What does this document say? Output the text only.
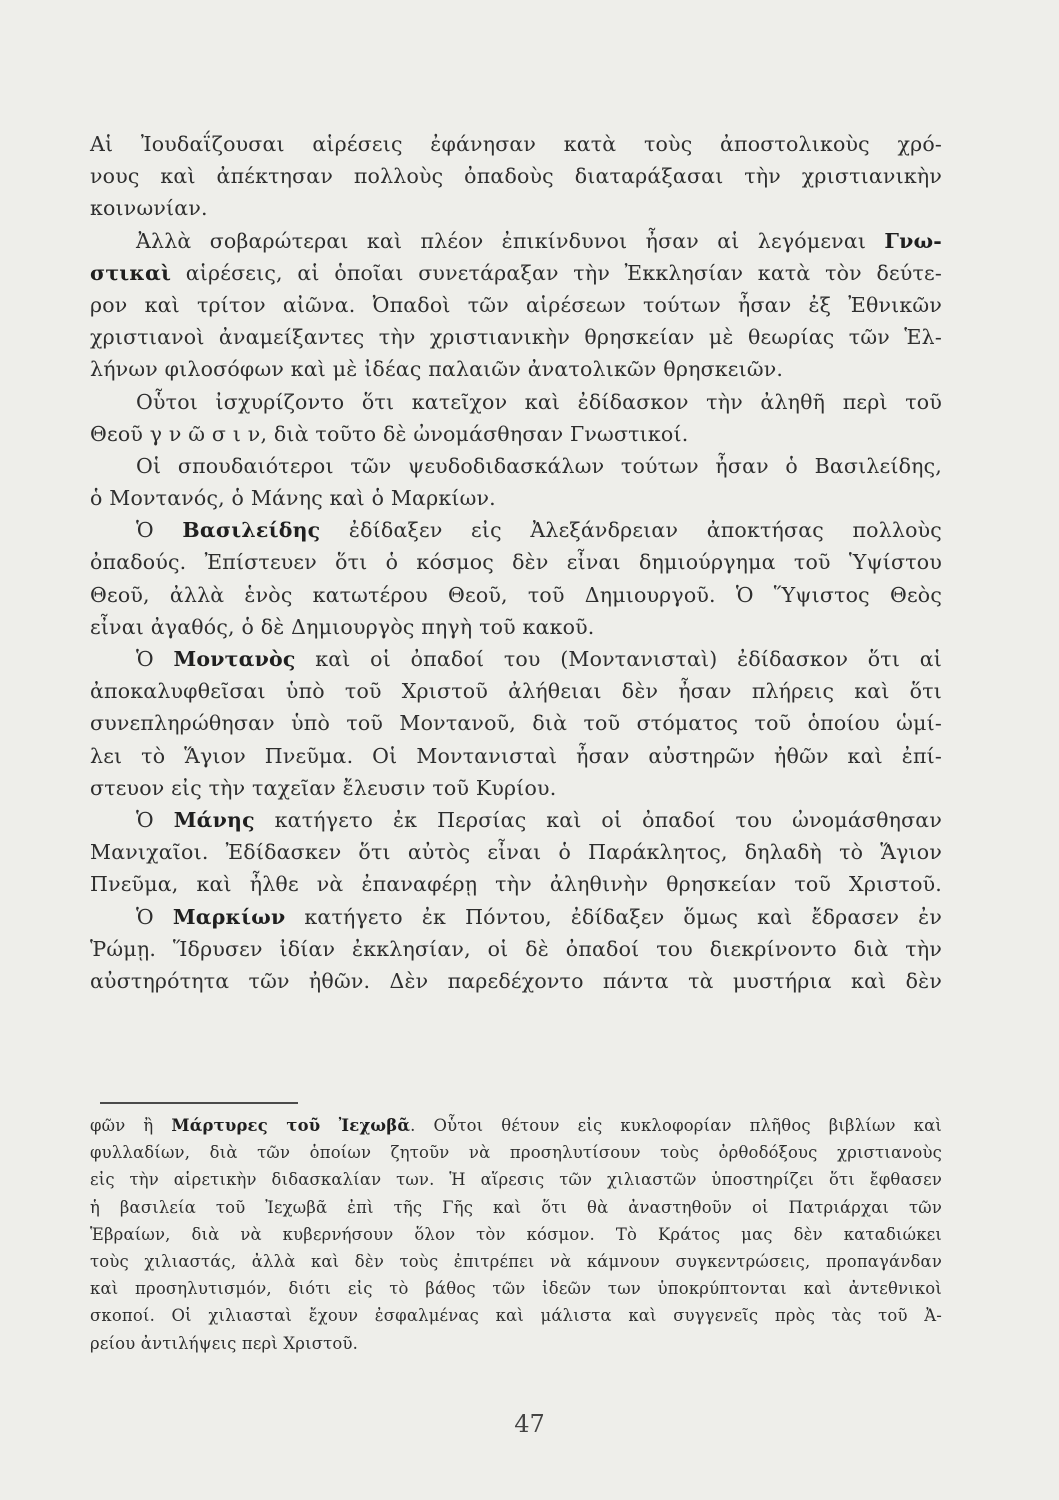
Αἱ Ἰουδαΐζουσαι αἱρέσεις ἐφάνησαν κατὰ τοὺς ἀποστολικοὺς χρό-
νους καὶ ἀπέκτησαν πολλοὺς ὀπαδοὺς διαταράξασαι τὴν χριστιανικὴν
κοινωνίαν.
Ἀλλὰ σοβαρώτεραι καὶ πλέον ἐπικίνδυνοι ἦσαν αἱ λεγόμεναι Γνω-
στικαὶ αἱρέσεις, αἱ ὁποῖαι συνετάραξαν τὴν Ἐκκλησίαν κατὰ τὸν δεύτε-
ρον καὶ τρίτον αἰῶνα. Ὀπαδοὶ τῶν αἱρέσεων τούτων ἦσαν ἐξ Ἐθνικῶν
χριστιανοὶ ἀναμείξαντες τὴν χριστιανικὴν θρησκείαν μὲ θεωρίας τῶν Ἑλ-
λήνων φιλοσόφων καὶ μὲ ἰδέας παλαιῶν ἀνατολικῶν θρησκειῶν.
Οὗτοι ἰσχυρίζοντο ὅτι κατεῖχον καὶ ἐδίδασκον τὴν ἀληθῆ περὶ τοῦ
Θεοῦ γ ν ῶ σ ι ν, διὰ τοῦτο δὲ ὠνομάσθησαν Γνωστικοί.
Οἱ σπουδαιότεροι τῶν ψευδοδιδασκάλων τούτων ἦσαν ὁ Βασιλείδης,
ὁ Μοντανός, ὁ Μάνης καὶ ὁ Μαρκίων.
Ὁ Βασιλείδης ἐδίδαξεν εἰς Ἀλεξάνδρειαν ἀποκτήσας πολλοὺς
ὀπαδούς. Ἐπίστευεν ὅτι ὁ κόσμος δὲν εἶναι δημιούργημα τοῦ Ὑψίστου
Θεοῦ, ἀλλὰ ἑνὸς κατωτέρου Θεοῦ, τοῦ Δημιουργοῦ. Ὁ Ὕψιστος Θεὸς
εἶναι ἀγαθός, ὁ δὲ Δημιουργὸς πηγὴ τοῦ κακοῦ.
Ὁ Μοντανὸς καὶ οἱ ὀπαδοί του (Μοντανισταὶ) ἐδίδασκον ὅτι αἱ
ἀποκαλυφθεῖσαι ὑπὸ τοῦ Χριστοῦ ἀλήθειαι δὲν ἦσαν πλήρεις καὶ ὅτι
συνεπληρώθησαν ὑπὸ τοῦ Μοντανοῦ, διὰ τοῦ στόματος τοῦ ὁποίου ὡμί-
λει τὸ Ἅγιον Πνεῦμα. Οἱ Μοντανισταὶ ἦσαν αὐστηρῶν ἠθῶν καὶ ἐπί-
στευον εἰς τὴν ταχεῖαν ἔλευσιν τοῦ Κυρίου.
Ὁ Μάνης κατήγετο ἐκ Περσίας καὶ οἱ ὀπαδοί του ὠνομάσθησαν
Μανιχαῖοι. Ἐδίδασκεν ὅτι αὐτὸς εἶναι ὁ Παράκλητος, δηλαδὴ τὸ Ἅγιον
Πνεῦμα, καὶ ἦλθε νὰ ἐπαναφέρῃ τὴν ἀληθινὴν θρησκείαν τοῦ Χριστοῦ.
Ὁ Μαρκίων κατήγετο ἐκ Πόντου, ἐδίδαξεν ὅμως καὶ ἔδρασεν ἐν
Ῥώμῃ. Ἵδρυσεν ἰδίαν ἐκκλησίαν, οἱ δὲ ὀπαδοί του διεκρίνοντο διὰ τὴν
αὐστηρότητα τῶν ἠθῶν. Δὲν παρεδέχοντο πάντα τὰ μυστήρια καὶ δὲν
φῶν ἢ Μάρτυρες τοῦ Ἰεχωβᾶ. Οὗτοι θέτουν εἰς κυκλοφορίαν πλῆθος βιβλίων καὶ
φυλλαδίων, διὰ τῶν ὁποίων ζητοῦν νὰ προσηλυτίσουν τοὺς ὀρθοδόξους χριστιανοὺς
εἰς τὴν αἱρετικὴν διδασκαλίαν των. Ἡ αἵρεσις τῶν χιλιαστῶν ὑποστηρίζει ὅτι ἔφθασεν
ἡ βασιλεία τοῦ Ἰεχωβᾶ ἐπὶ τῆς Γῆς καὶ ὅτι θὰ ἀναστηθοῦν οἱ Πατριάρχαι τῶν
Ἑβραίων, διὰ νὰ κυβερνήσουν ὅλον τὸν κόσμον. Τὸ Κράτος μας δὲν καταδιώκει
τοὺς χιλιαστάς, ἀλλὰ καὶ δὲν τοὺς ἐπιτρέπει νὰ κάμνουν συγκεντρώσεις, προπαγάνδαν
καὶ προσηλυτισμόν, διότι εἰς τὸ βάθος τῶν ἰδεῶν των ὑποκρύπτονται καὶ ἀντεθνικοὶ
σκοποί. Οἱ χιλιασταὶ ἔχουν ἐσφαλμένας καὶ μάλιστα καὶ συγγενεῖς πρὸς τὰς τοῦ Ἀ-
ρείου ἀντιλήψεις περὶ Χριστοῦ.
47
